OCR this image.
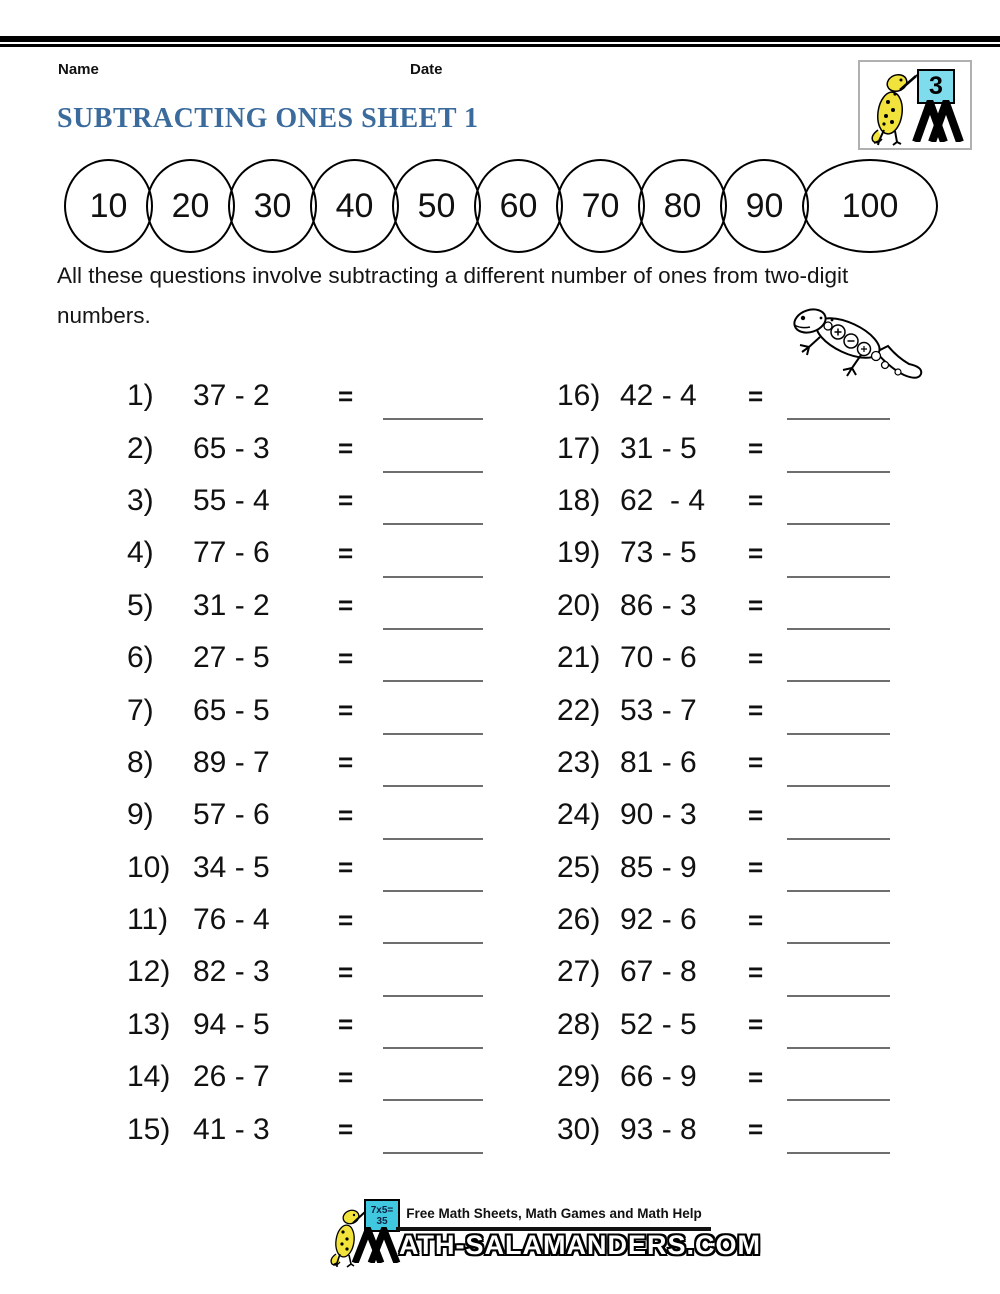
Name	Date
3
SUBTRACTING ONES SHEET 1
10	20	30	40	50	60	70	80	90	100

All these questions involve subtracting a different number of ones from two-digit numbers.

1)	37 - 2	=
2)	65 - 3	=
3)	55 - 4	=
4)	77 - 6	=
5)	31 - 2	=
6)	27 - 5	=
7)	65 - 5	=
8)	89 - 7	=
9)	57 - 6	=
10) 34 - 5	=
11) 76 - 4	=
12) 82 - 3	=
13) 94 - 5	=
14) 26 - 7	=
15) 41 - 3	=
16) 42 - 4	=
17) 31 - 5	=
18) 62  - 4	=
19) 73 - 5	=
20) 86 - 3	=
21) 70 - 6	=
22) 53 - 7	=
23) 81 - 6	=
24) 90 - 3	=
25) 85 - 9	=
26) 92 - 6	=
27) 67 - 8	=
28) 52 - 5	=
29) 66 - 9	=
30) 93 - 8	=
7x5=
35 Free Math Sheets, Math Games and Math Help
ATH-SALAMANDERS.COM
